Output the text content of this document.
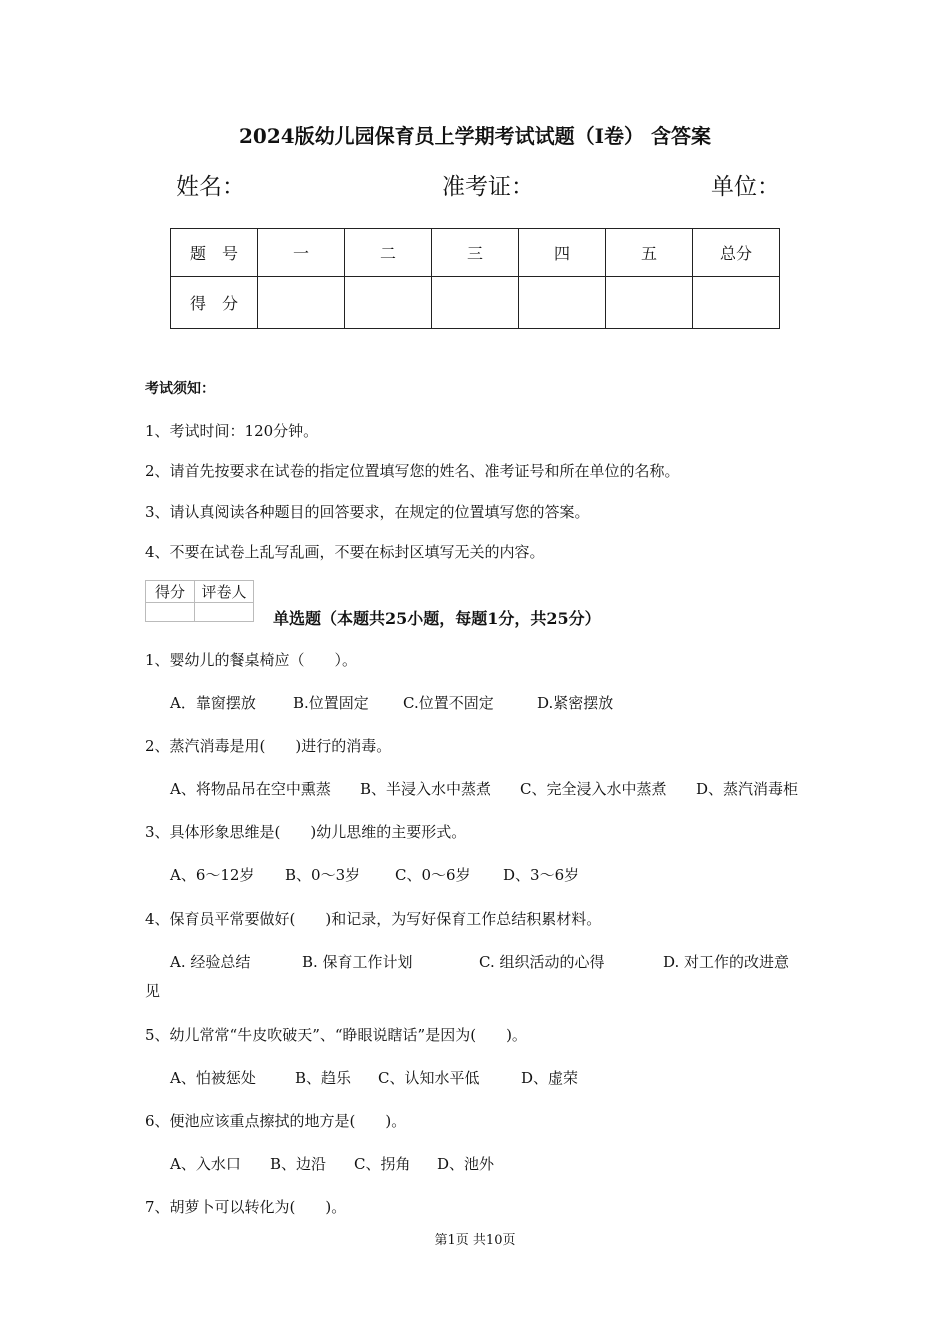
2024版幼儿园保育员上学期考试试题（I卷） 含答案
姓名：	准考证：	单位：
题　号	一	二	三	四	五	总分
得　分						
考试须知：
1、考试时间：120分钟。
2、请首先按要求在试卷的指定位置填写您的姓名、准考证号和所在单位的名称。
3、请认真阅读各种题目的回答要求，在规定的位置填写您的答案。
4、不要在试卷上乱写乱画，不要在标封区填写无关的内容。
得分	评卷人

单选题（本题共25小题，每题1分，共25分）
1、婴幼儿的餐桌椅应（　　）。
A．靠窗摆放 B.位置固定 C.位置不固定	D.紧密摆放
2、蒸汽消毒是用(　　)进行的消毒。
A、将物品吊在空中熏蒸 B、半浸入水中蒸煮 C、完全浸入水中蒸煮 D、蒸汽消毒柜
3、具体形象思维是(　　)幼儿思维的主要形式。
A、6～12岁 B、0～3岁 C、0～6岁 D、3～6岁
4、保育员平常要做好(　　)和记录，为写好保育工作总结积累材料。
A. 经验总结	B. 保育工作计划	C. 组织活动的心得	D. 对工作的改进意
见
5、幼儿常常“牛皮吹破天”、“睁眼说瞎话”是因为(　　)。
A、怕被惩处	B、趋乐 C、认知水平低	D、虚荣
6、便池应该重点擦拭的地方是(　　)。
A、入水口 B、边沿 C、拐角 D、池外
7、胡萝卜可以转化为(　　)。
第1页 共10页
